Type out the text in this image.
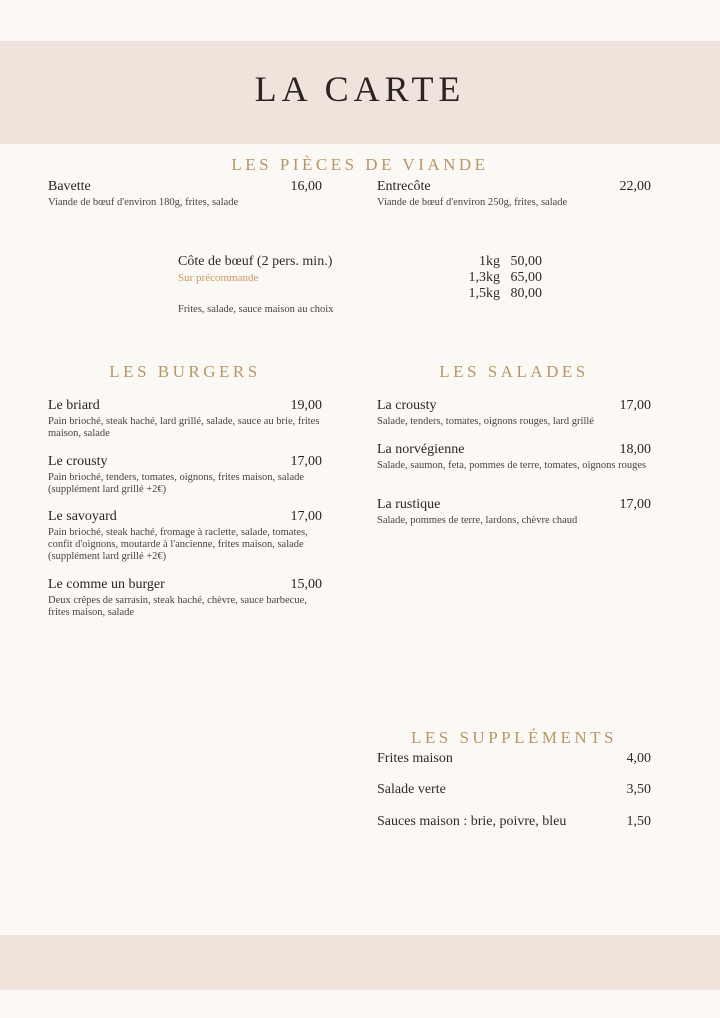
LA CARTE
LES PIÈCES DE VIANDE
Bavette	16,00
Viande de bœuf d'environ 180g, frites, salade
Entrecôte	22,00
Viande de bœuf d'environ 250g, frites, salade
Côte de bœuf (2 pers. min.)
Sur précommande
Frites, salade, sauce maison au choix
1kg 50,00
1,3kg 65,00
1,5kg 80,00
LES BURGERS
Le briard	19,00
Pain brioché, steak haché, lard grillé, salade, sauce au brie, frites maison, salade
Le crousty	17,00
Pain brioché, tenders, tomates, oignons, frites maison, salade (supplément lard grillé +2€)
Le savoyard	17,00
Pain brioché, steak haché, fromage à raclette, salade, tomates, confit d'oignons, moutarde à l'ancienne, frites maison, salade (supplément lard grillé +2€)
Le comme un burger	15,00
Deux crêpes de sarrasin, steak haché, chèvre, sauce barbecue, frites maison, salade
LES SALADES
La crousty	17,00
Salade, tenders, tomates, oignons rouges, lard grillé
La norvégienne	18,00
Salade, saumon, feta, pommes de terre, tomates, oignons rouges
La rustique	17,00
Salade, pommes de terre, lardons, chèvre chaud
LES SUPPLÉMENTS
Frites maison	4,00
Salade verte	3,50
Sauces maison : brie, poivre, bleu	1,50
